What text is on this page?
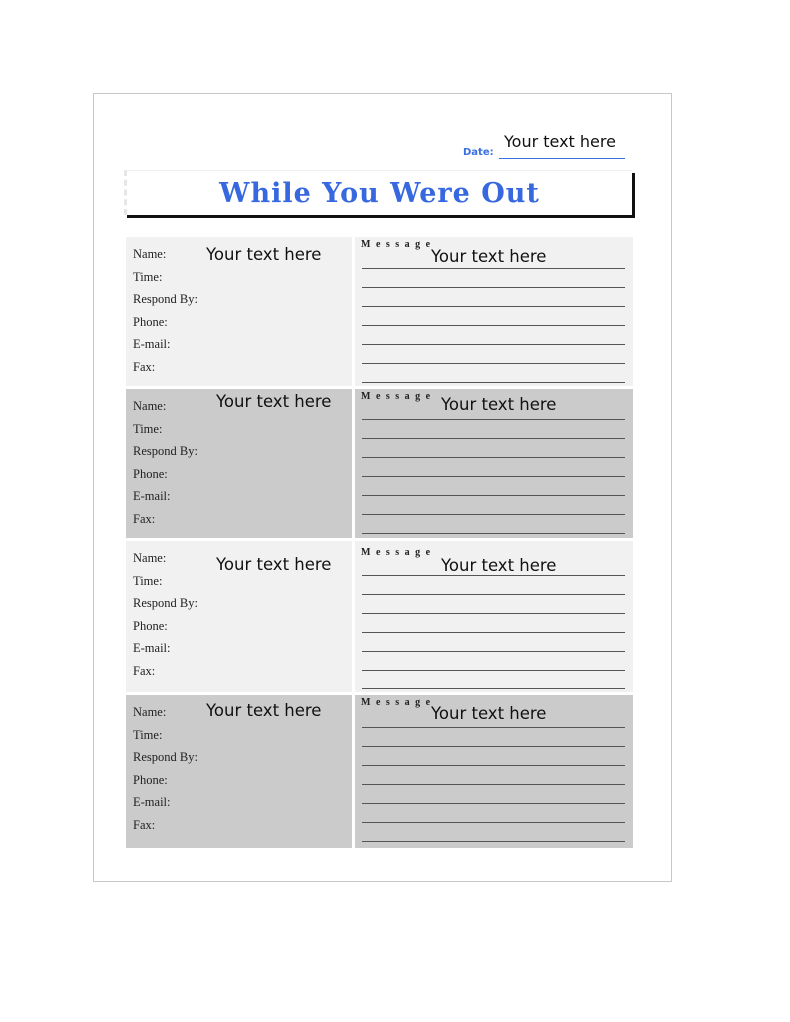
Date:
Your text here
While You Were Out
Name:
Time:
Respond By:
Phone:
E-mail:
Fax:
Your text here
Message
Your text here
Name:
Time:
Respond By:
Phone:
E-mail:
Fax:
Your text here	Message Your text here
Name:
Time:
Respond By:
Phone:
E-mail:
Fax:
Your text here
Message
Your text here
Name:
Time:
Respond By:
Phone:
E-mail:
Fax:
Your text here	Message
Your text here
